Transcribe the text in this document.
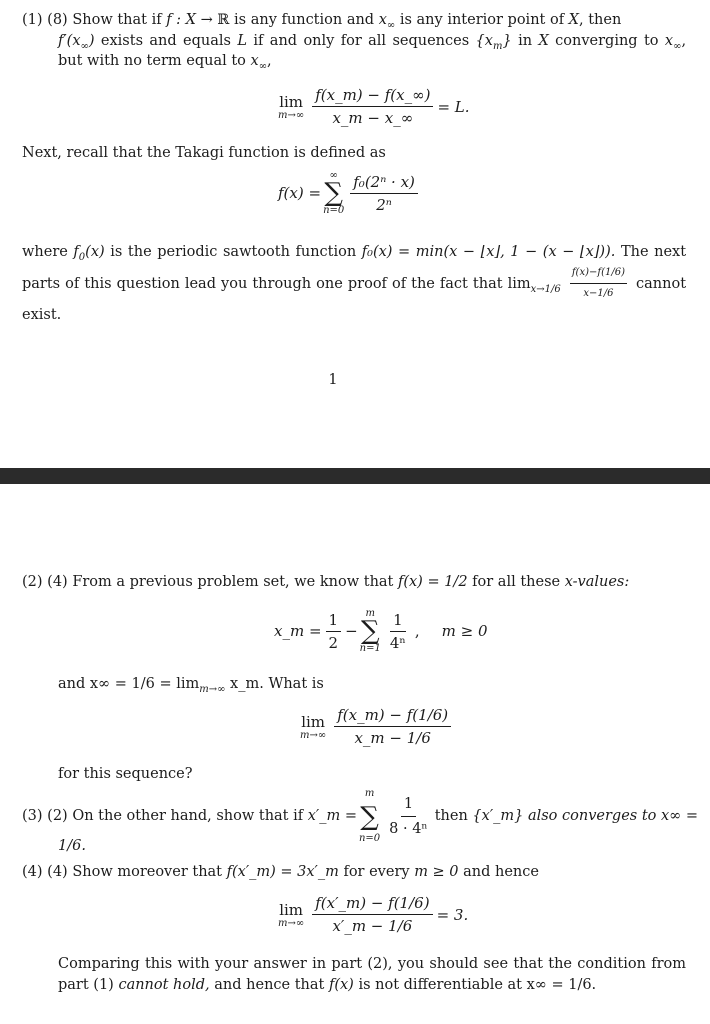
(1) (8) Show that if f : X → ℝ is any function and $x_\infty$ is any interior point of X, then
$f'(x_\infty)$ exists and equals L if and only for all sequences $\{x_m\}$ in X converging to $x_\infty$, but with no term equal to $x_\infty$,
lim
$m\to\infty \frac{f(x\_m) - f(x\_\infty)}{x\_m - x\_\infty} = L$.
Next, recall that the Takagi function is defined as
f(x) =
∞
∑
$n=0 \frac{\text{f₀(2ⁿ · x)}}{\text{2ⁿ}}$
where $f_0(x)$ is the periodic sawtooth function f₀(x) = min(x − ⌊x⌋, 1 − (x − ⌊x⌋)). The next parts of this question lead you through one proof of the fact that $\lim_{x\to 1/6} \frac{f(x)-f(1/6)}{x-1/6}$ cannot exist.
1
(2) (4) From a previous problem set, we know that f(x) = 1/2 for all these x-values:
x_m = $\frac{1}{2}$ −
m
∑
$n=1 \frac{1}{\text{4ⁿ}}$ , m ≥ 0
and $x\infty = 1/6 = \lim_{m\to\infty}$ x_m. What is
lim
$m\to\infty \frac{f(x\_m) - f(1/6)}{x\_m - 1/6}$
for this sequence?
(3)
(2)
On the other hand, show that if
x′_m =
m
∑
$n=0 \frac{1}{\text{8 · 4ⁿ}}$ then
{x′_m} also converges to x∞ =
1/6.
(4) (4) Show moreover that f(x′_m) = 3x′_m for every m ≥ 0 and hence
lim
$m\to\infty \frac{f(x'\_m) - f(1/6)}{x'\_m - 1/6} = 3$.
Comparing this with your answer in part (2), you should see that the condition from part (1) cannot hold, and hence that f(x) is not differentiable at x∞ = 1/6.
